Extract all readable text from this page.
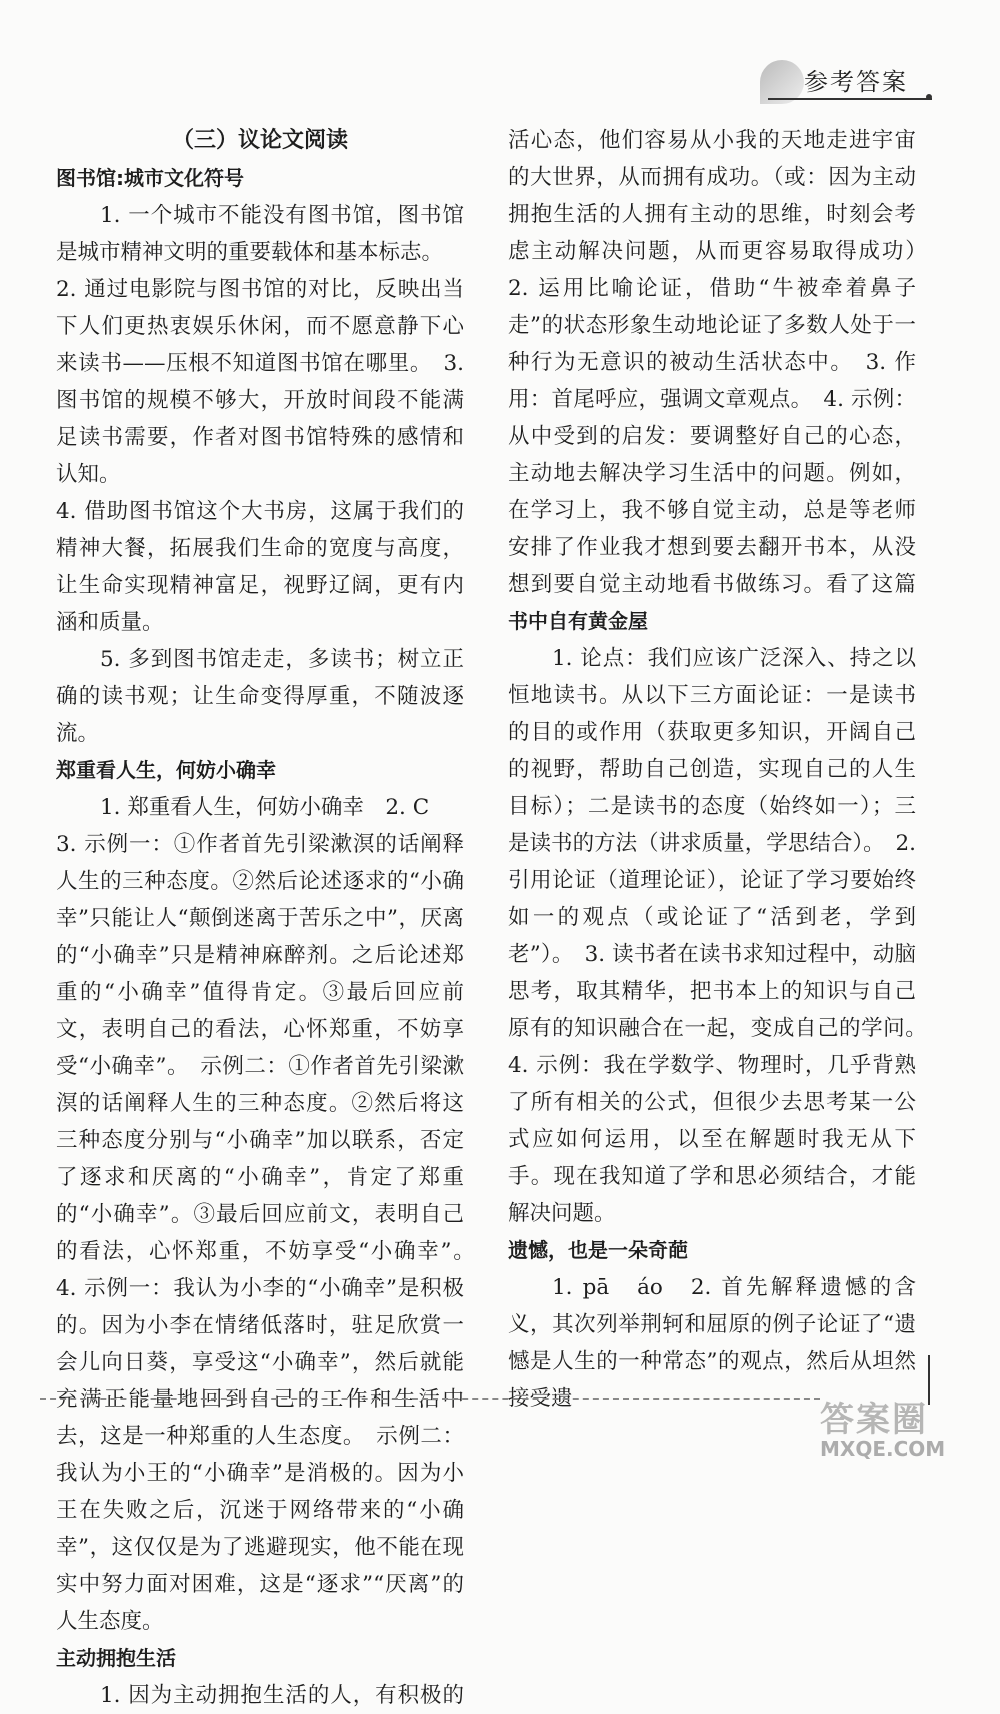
参考答案
（三）议论文阅读
图书馆:城市文化符号

1. 一个城市不能没有图书馆，图书馆是城市精神文明的重要载体和基本标志。

2. 通过电影院与图书馆的对比，反映出当下人们更热衷娱乐休闲，而不愿意静下心来读书——压根不知道图书馆在哪里。　3. 图书馆的规模不够大，开放时间段不能满足读书需要，作者对图书馆特殊的感情和认知。

4. 借助图书馆这个大书房，这属于我们的精神大餐，拓展我们生命的宽度与高度，让生命实现精神富足，视野辽阔，更有内涵和质量。

5. 多到图书馆走走，多读书；树立正确的读书观；让生命变得厚重，不随波逐流。

郑重看人生，何妨小确幸

1. 郑重看人生，何妨小确幸　2. C

3. 示例一：①作者首先引梁漱溟的话阐释人生的三种态度。②然后论述逐求的“小确幸”只能让人“颠倒迷离于苦乐之中”，厌离的“小确幸”只是精神麻醉剂。之后论述郑重的“小确幸”值得肯定。③最后回应前文，表明自己的看法，心怀郑重，不妨享受“小确幸”。　示例二：①作者首先引梁漱溟的话阐释人生的三种态度。②然后将这三种态度分别与“小确幸”加以联系，否定了逐求和厌离的“小确幸”，肯定了郑重的“小确幸”。③最后回应前文，表明自己的看法，心怀郑重，不妨享受“小确幸”。　4. 示例一：我认为小李的“小确幸”是积极的。因为小李在情绪低落时，驻足欣赏一会儿向日葵，享受这“小确幸”，然后就能充满正能量地回到自己的工作和生活中去，这是一种郑重的人生态度。　示例二：我认为小王的“小确幸”是消极的。因为小王在失败之后，沉迷于网络带来的“小确幸”，这仅仅是为了逃避现实，他不能在现实中努力面对困难，这是“逐求”“厌离”的人生态度。

主动拥抱生活

1. 因为主动拥抱生活的人，有积极的　 　 　

活心态，他们容易从小我的天地走进宇宙的大世界，从而拥有成功。（或：因为主动拥抱生活的人拥有主动的思维，时刻会考虑主动解决问题，从而更容易取得成功）　2. 运用比喻论证，借助“牛被牵着鼻子走”的状态形象生动地论证了多数人处于一种行为无意识的被动生活状态中。　3. 作用：首尾呼应，强调文章观点。　4. 示例：从中受到的启发：要调整好自己的心态，主动地去解决学习生活中的问题。例如，在学习上，我不够自觉主动，总是等老师安排了作业我才想到要去翻开书本，从没想到要自觉主动地看书做练习。看了这篇

书中自有黄金屋

1. 论点：我们应该广泛深入、持之以恒地读书。从以下三方面论证：一是读书的目的或作用（获取更多知识，开阔自己的视野，帮助自己创造，实现自己的人生目标）；二是读书的态度（始终如一）；三是读书的方法（讲求质量，学思结合）。　2. 引用论证（道理论证），论证了学习要始终如一的观点（或论证了“活到老，学到老”）。　3. 读书者在读书求知过程中，动脑思考，取其精华，把书本上的知识与自己原有的知识融合在一起，变成自己的学问。　4. 示例：我在学数学、物理时，几乎背熟了所有相关的公式，但很少去思考某一公式应如何运用，以至在解题时我无从下手。现在我知道了学和思必须结合，才能解决问题。

遗憾，也是一朵奇葩

1. pā　áo　2. 首先解释遗憾的含义，其次列举荆轲和屈原的例子论证了“遗憾是人生的一种常态”的观点，然后从坦然接受遗

答案圈
MXQE.COM
